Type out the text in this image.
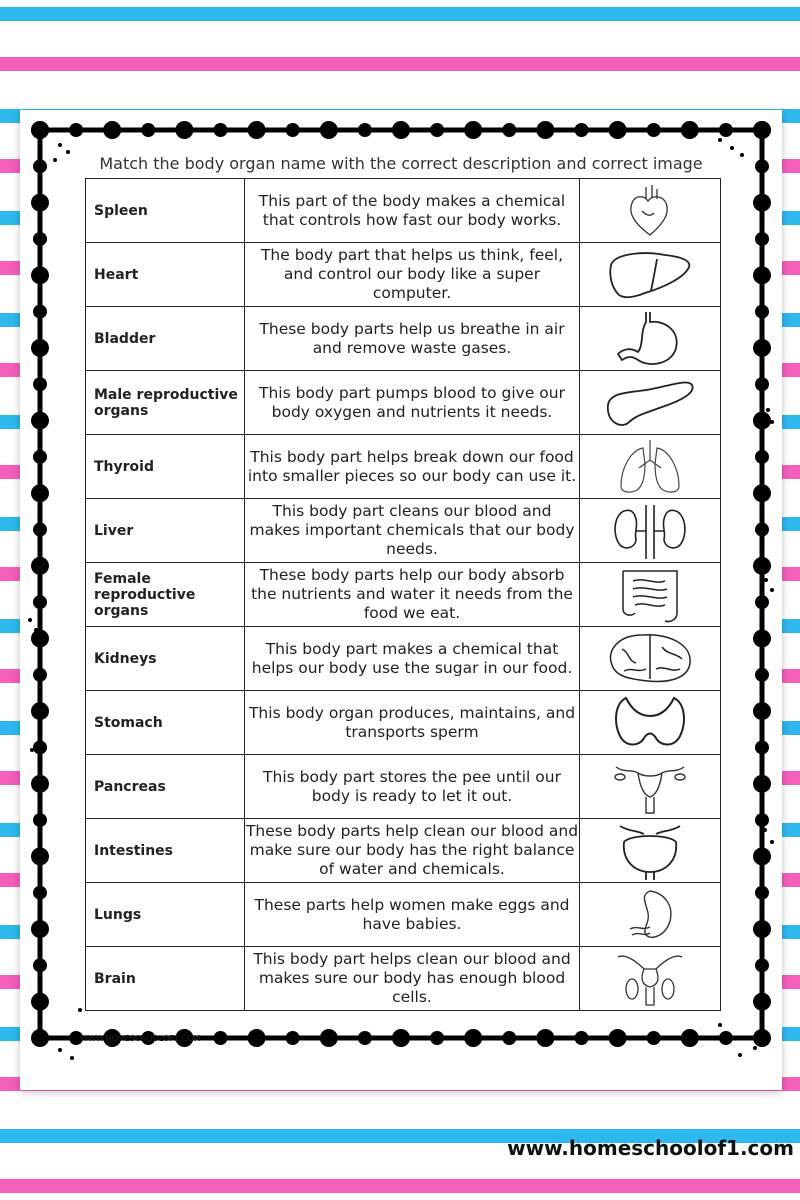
Match the body organ name with the correct description and correct image
Spleen	This part of the body makes a chemical that controls how fast our body works.	

Heart	The body part that helps us think, feel, and control our body like a super computer.	

Bladder	These body parts help us breathe in air and remove waste gases.	

Male reproductive organs	This body part pumps blood to give our body oxygen and nutrients it needs.	

Thyroid	This body part helps break down our food into smaller pieces so our body can use it.	

Liver	This body part cleans our blood and makes important chemicals that our body needs.	

Female reproductive organs	These body parts help our body absorb the nutrients and water it needs from the food we eat.	

Kidneys	This body part makes a chemical that helps our body use the sugar in our food.	

Stomach	This body organ produces, maintains, and transports sperm	

Pancreas	This body part stores the pee until our body is ready to let it out.	

Intestines	These body parts help clean our blood and make sure our body has the right balance of water and chemicals.	

Lungs	These parts help women make eggs and have babies.	

Brain	This body part helps clean our blood and makes sure our body has enough blood cells.	
WWW.HOMESCHOOLOF1.COM
www.homeschoolof1.com
